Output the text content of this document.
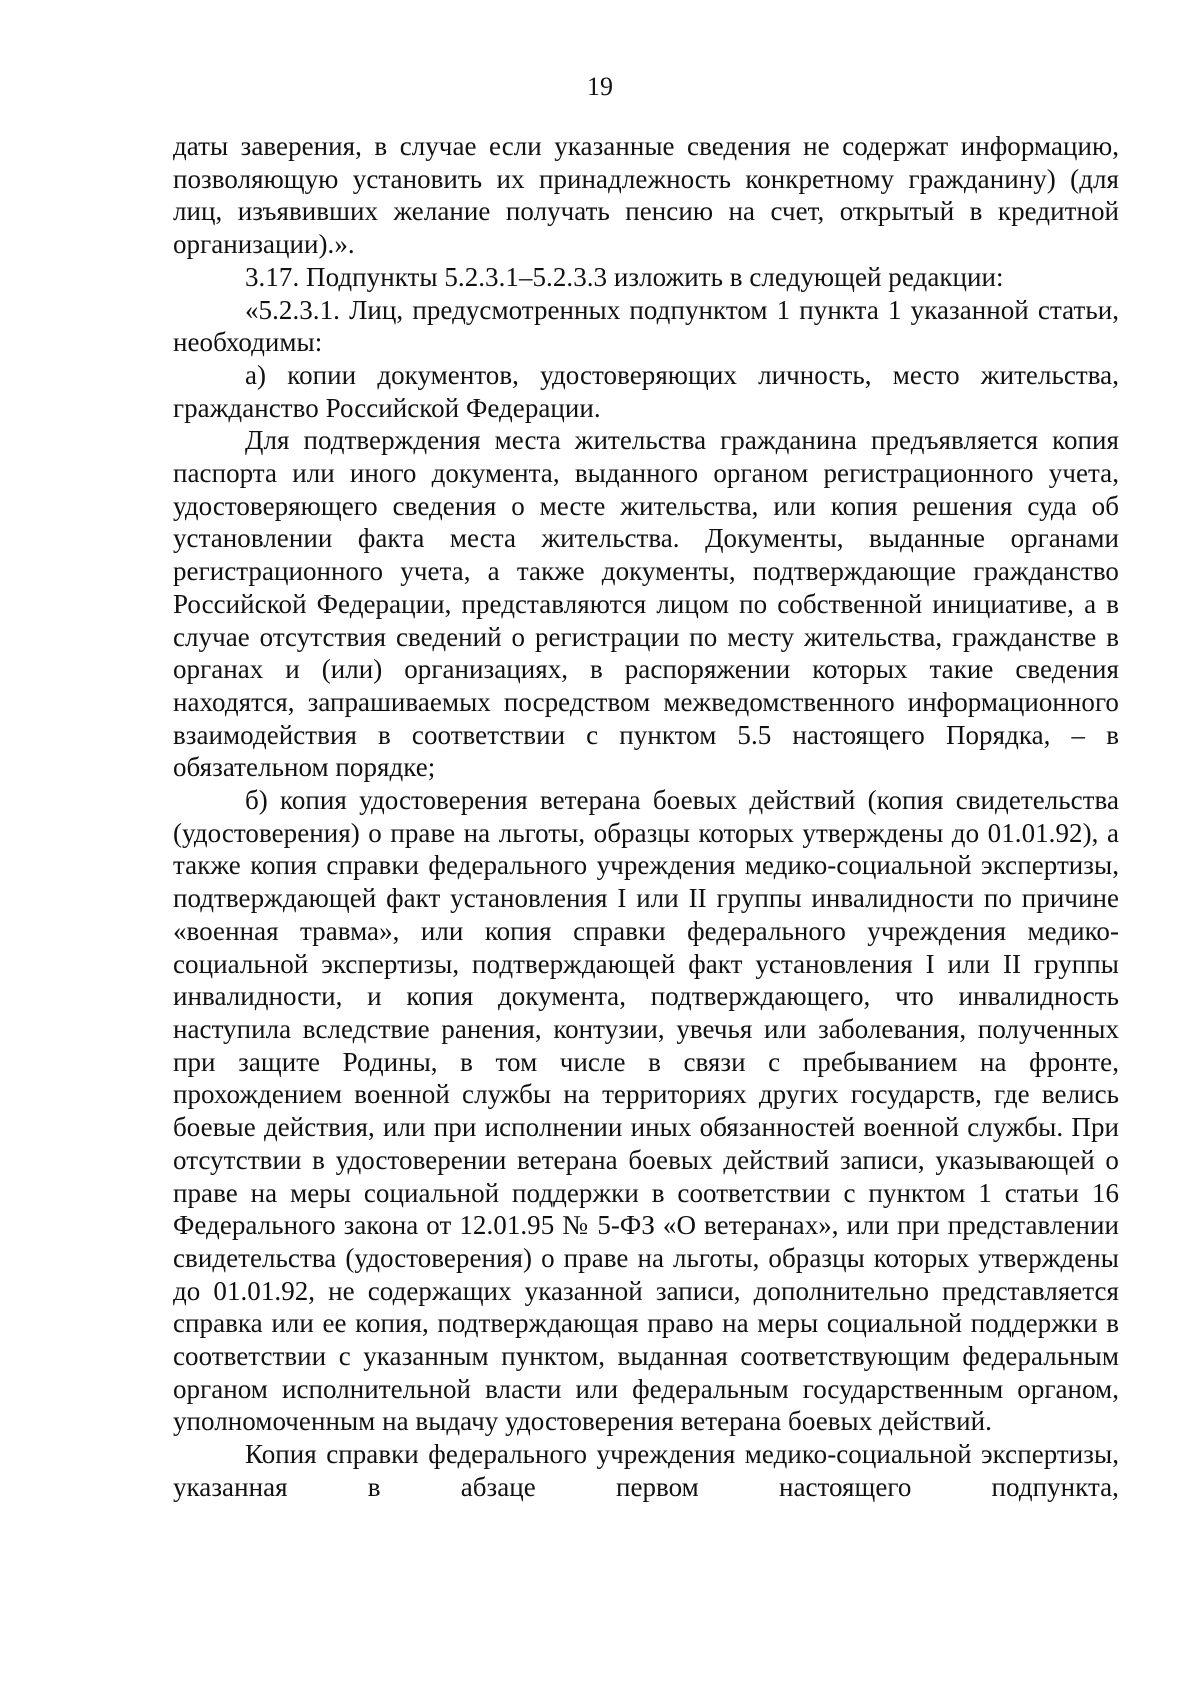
19

даты заверения, в случае если указанные сведения не содержат информацию, позволяющую установить их принадлежность конкретному гражданину) (для лиц, изъявивших желание получать пенсию на счет, открытый в кредитной организации).».

3.17. Подпункты 5.2.3.1–5.2.3.3 изложить в следующей редакции:

«5.2.3.1. Лиц, предусмотренных подпунктом 1 пункта 1 указанной статьи, необходимы:

а) копии документов, удостоверяющих личность, место жительства, гражданство Российской Федерации.

Для подтверждения места жительства гражданина предъявляется копия паспорта или иного документа, выданного органом регистрационного учета, удостоверяющего сведения о месте жительства, или копия решения суда об установлении факта места жительства. Документы, выданные органами регистрационного учета, а также документы, подтверждающие гражданство Российской Федерации, представляются лицом по собственной инициативе, а в случае отсутствия сведений о регистрации по месту жительства, гражданстве в органах и (или) организациях, в распоряжении которых такие сведения находятся, запрашиваемых посредством межведомственного информационного взаимодействия в соответствии с пунктом 5.5 настоящего Порядка, – в обязательном порядке;

б) копия удостоверения ветерана боевых действий (копия свидетельства (удостоверения) о праве на льготы, образцы которых утверждены до 01.01.92), а также копия справки федерального учреждения медико-социальной экспертизы, подтверждающей факт установления I или II группы инвалидности по причине «военная травма», или копия справки федерального учреждения медико-социальной экспертизы, подтверждающей факт установления I или II группы инвалидности, и копия документа, подтверждающего, что инвалидность наступила вследствие ранения, контузии, увечья или заболевания, полученных при защите Родины, в том числе в связи с пребыванием на фронте, прохождением военной службы на территориях других государств, где велись боевые действия, или при исполнении иных обязанностей военной службы. При отсутствии в удостоверении ветерана боевых действий записи, указывающей о праве на меры социальной поддержки в соответствии с пунктом 1 статьи 16 Федерального закона от 12.01.95 № 5-ФЗ «О ветеранах», или при представлении свидетельства (удостоверения) о праве на льготы, образцы которых утверждены до 01.01.92, не содержащих указанной записи, дополнительно представляется справка или ее копия, подтверждающая право на меры социальной поддержки в соответствии с указанным пунктом, выданная соответствующим федеральным органом исполнительной власти или федеральным государственным органом, уполномоченным на выдачу удостоверения ветерана боевых действий.

Копия справки федерального учреждения медико-социальной экспертизы, указанная в абзаце первом настоящего подпункта,
